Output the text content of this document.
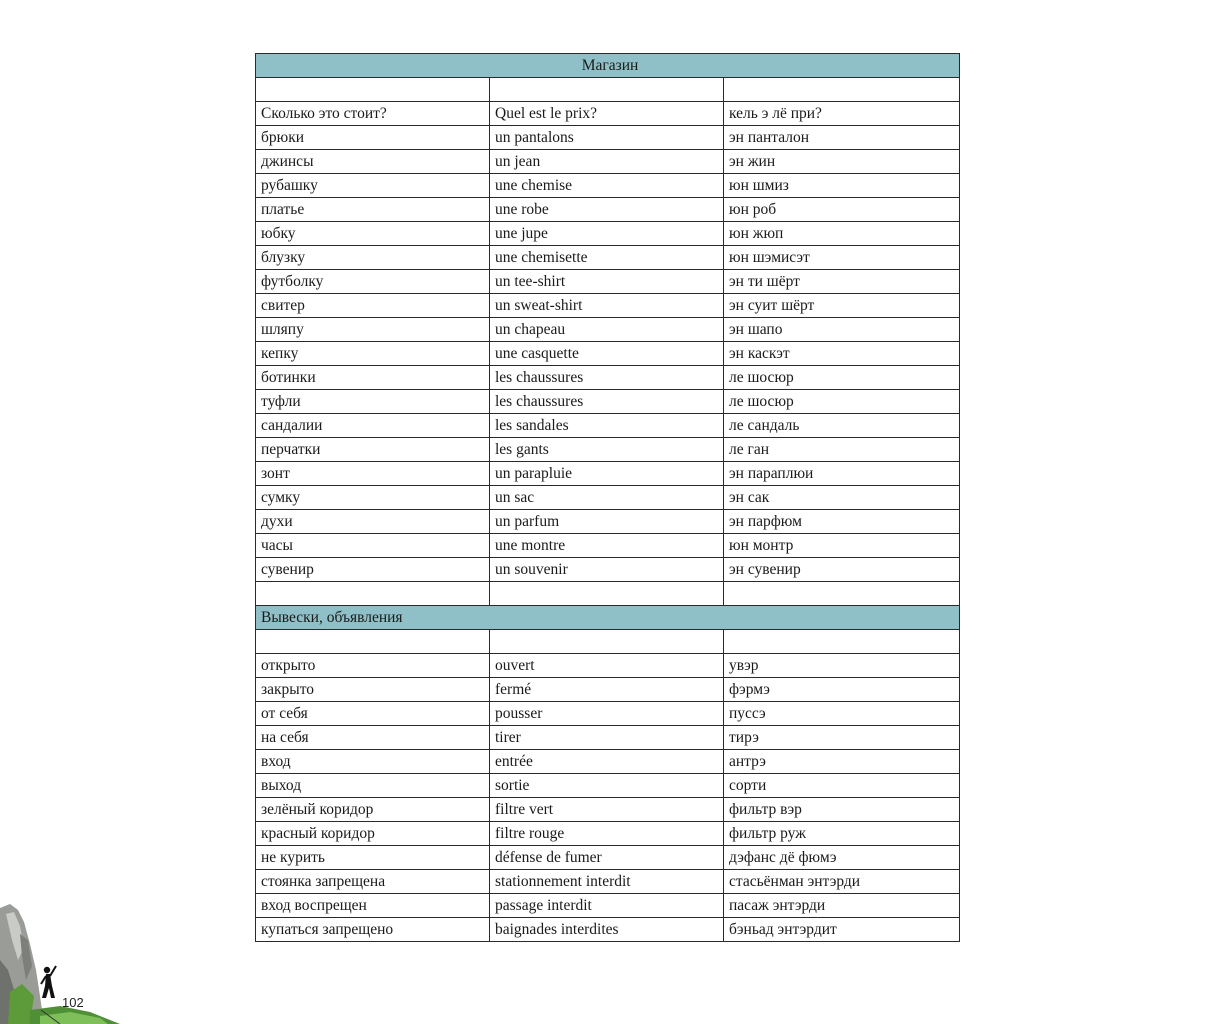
Магазин		

Сколько это стоит?	Quel est le prix?	кель э лё при?
брюки	un pantalons	эн панталон
джинсы	un jean	эн жин
рубашку	une chemise	юн шмиз
платье	une robe	юн роб
юбку	une jupe	юн жюп
блузку	une chemisette	юн шэмисэт
футболку	un tee-shirt	эн ти шёрт
свитер	un sweat-shirt	эн суит шёрт
шляпу	un chapeau	эн шапо
кепку	une casquette	эн каскэт
ботинки	les chaussures	ле шосюр
туфли	les chaussures	ле шосюр
сандалии	les sandales	ле сандаль
перчатки	les gants	ле ган
зонт	un parapluie	эн параплюи
сумку	un sac	эн сак
духи	un parfum	эн парфюм
часы	une montre	юн монтр
сувенир	un souvenir	эн сувенир

Вывески, объявления		

открыто	ouvert	увэр
закрыто	fermé	фэрмэ
от себя	pousser	пуссэ
на себя	tirer	тирэ
вход	entrée	антрэ
выход	sortie	сорти
зелёный коридор	filtre vert	фильтр вэр
красный коридор	filtre rouge	фильтр руж
не курить	défense de fumer	дэфанс дё фюмэ
стоянка запрещена	stationnement interdit	стасьёнман энтэрди
вход воспрещен	passage interdit	пасаж энтэрди
купаться запрещено	baignades interdites	бэньад энтэрдит
102
